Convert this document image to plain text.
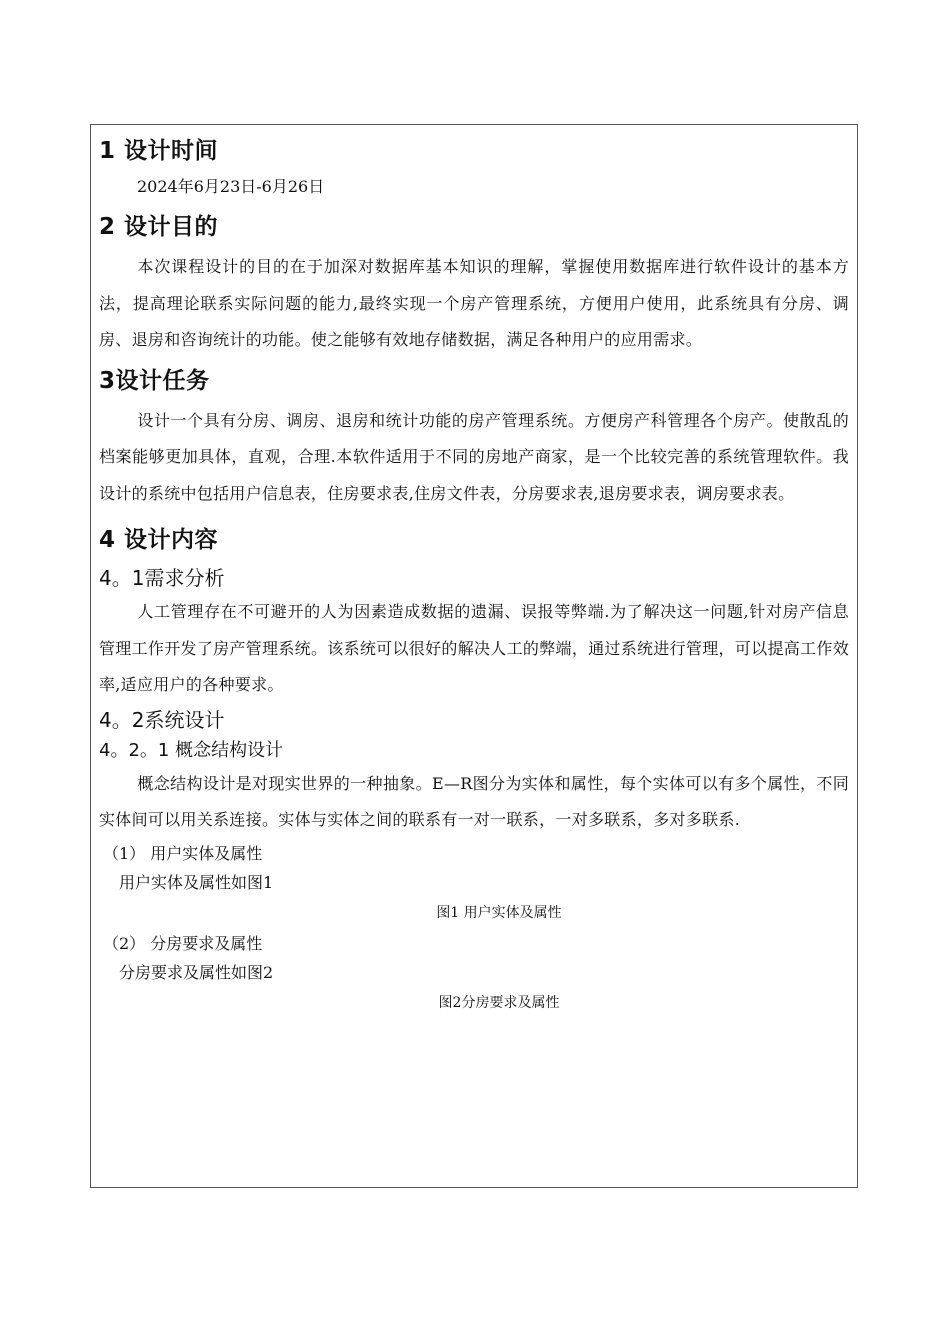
1 设计时间

2024年6月23日-6月26日

2 设计目的

本次课程设计的目的在于加深对数据库基本知识的理解，掌握使用数据库进行软件设计的基本方法，提高理论联系实际问题的能力,最终实现一个房产管理系统，方便用户使用，此系统具有分房、调房、退房和咨询统计的功能。使之能够有效地存储数据，满足各种用户的应用需求。

3设计任务

设计一个具有分房、调房、退房和统计功能的房产管理系统。方便房产科管理各个房产。使散乱的档案能够更加具体，直观，合理.本软件适用于不同的房地产商家，是一个比较完善的系统管理软件。我设计的系统中包括用户信息表，住房要求表,住房文件表，分房要求表,退房要求表，调房要求表。

4 设计内容
4。1需求分析

人工管理存在不可避开的人为因素造成数据的遗漏、误报等弊端.为了解决这一问题,针对房产信息管理工作开发了房产管理系统。该系统可以很好的解决人工的弊端，通过系统进行管理，可以提高工作效率,适应用户的各种要求。

4。2系统设计
4。2。1 概念结构设计

概念结构设计是对现实世界的一种抽象。E—R图分为实体和属性，每个实体可以有多个属性，不同实体间可以用关系连接。实体与实体之间的联系有一对一联系，一对多联系，多对多联系.

（1） 用户实体及属性

用户实体及属性如图1

图1 用户实体及属性

（2） 分房要求及属性

分房要求及属性如图2

图2分房要求及属性
